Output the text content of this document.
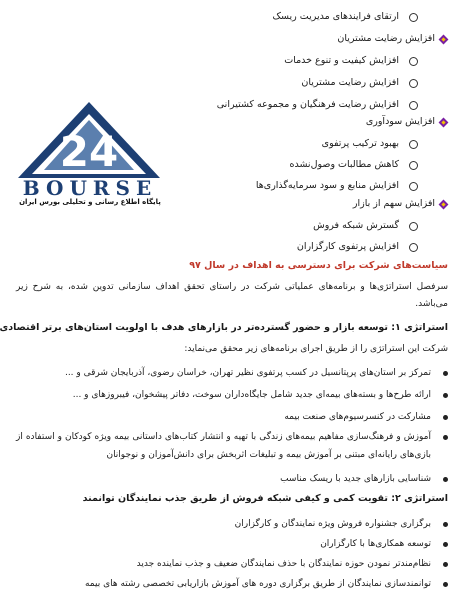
24
BOURSE
پایگاه اطلاع رسانی و تحلیلی بورس ایران
ارتقای فرایندهای مدیریت ریسک
افزایش رضایت مشتریان
افزایش کیفیت و تنوع خدمات
افزایش رضایت مشتریان
افزایش رضایت فرهنگیان و مجموعه کشتیرانی
افزایش سودآوری
بهبود ترکیب پرتفوی
کاهش مطالبات وصول‌نشده
افزایش منابع و سود سرمایه‌گذاری‌ها
افزایش سهم از بازار
گسترش شبکه فروش
افزایش پرتفوی کارگزاران
سیاست‌های شرکت برای دسترسی به اهداف در سال ۹۷
سرفصل استراتژی‌ها و برنامه‌های عملیاتی شرکت در راستای تحقق اهداف سازمانی تدوین شده، به شرح زیر می‌باشد.
استراتژی ۱: توسعه بازار و حضور گسترده‌تر در بازارهای هدف با اولویت استان‌های برتر اقتصادی
شرکت این استراتژی را از طریق اجرای برنامه‌های زیر محقق می‌نماید:
تمرکز بر استان‌های پرپتانسیل در کسب پرتفوی نظیر تهران، خراسان رضوی، آذربایجان شرقی و ...
ارائه طرح‌ها و بسته‌های بیمه‌ای جدید شامل جایگاه‌داران سوخت، دفاتر پیشخوان، فیبروزهای و ...
مشارکت در کنسرسیوم‌های صنعت بیمه
آموزش و فرهنگ‌سازی مفاهیم بیمه‌های زندگی با تهیه و انتشار کتاب‌های داستانی بیمه ویژه کودکان و استفاده از بازی‌های رایانه‌ای مبتنی بر آموزش بیمه و تبلیغات اثربخش برای دانش‌آموزان و نوجوانان
شناسایی بازارهای جدید با ریسک مناسب
استراتژی ۲: تقویت کمی و کیفی شبکه فروش از طریق جذب نمایندگان توانمند
برگزاری جشنواره فروش ویژه نمایندگان و کارگزاران
توسعه همکاری‌ها با کارگزاران
نظام‌مندتر نمودن حوزه نمایندگان با حذف نمایندگان ضعیف و جذب نماینده جدید
توانمندسازی نمایندگان از طریق برگزاری دوره های آموزش بازاریابی تخصصی رشته های بیمه
